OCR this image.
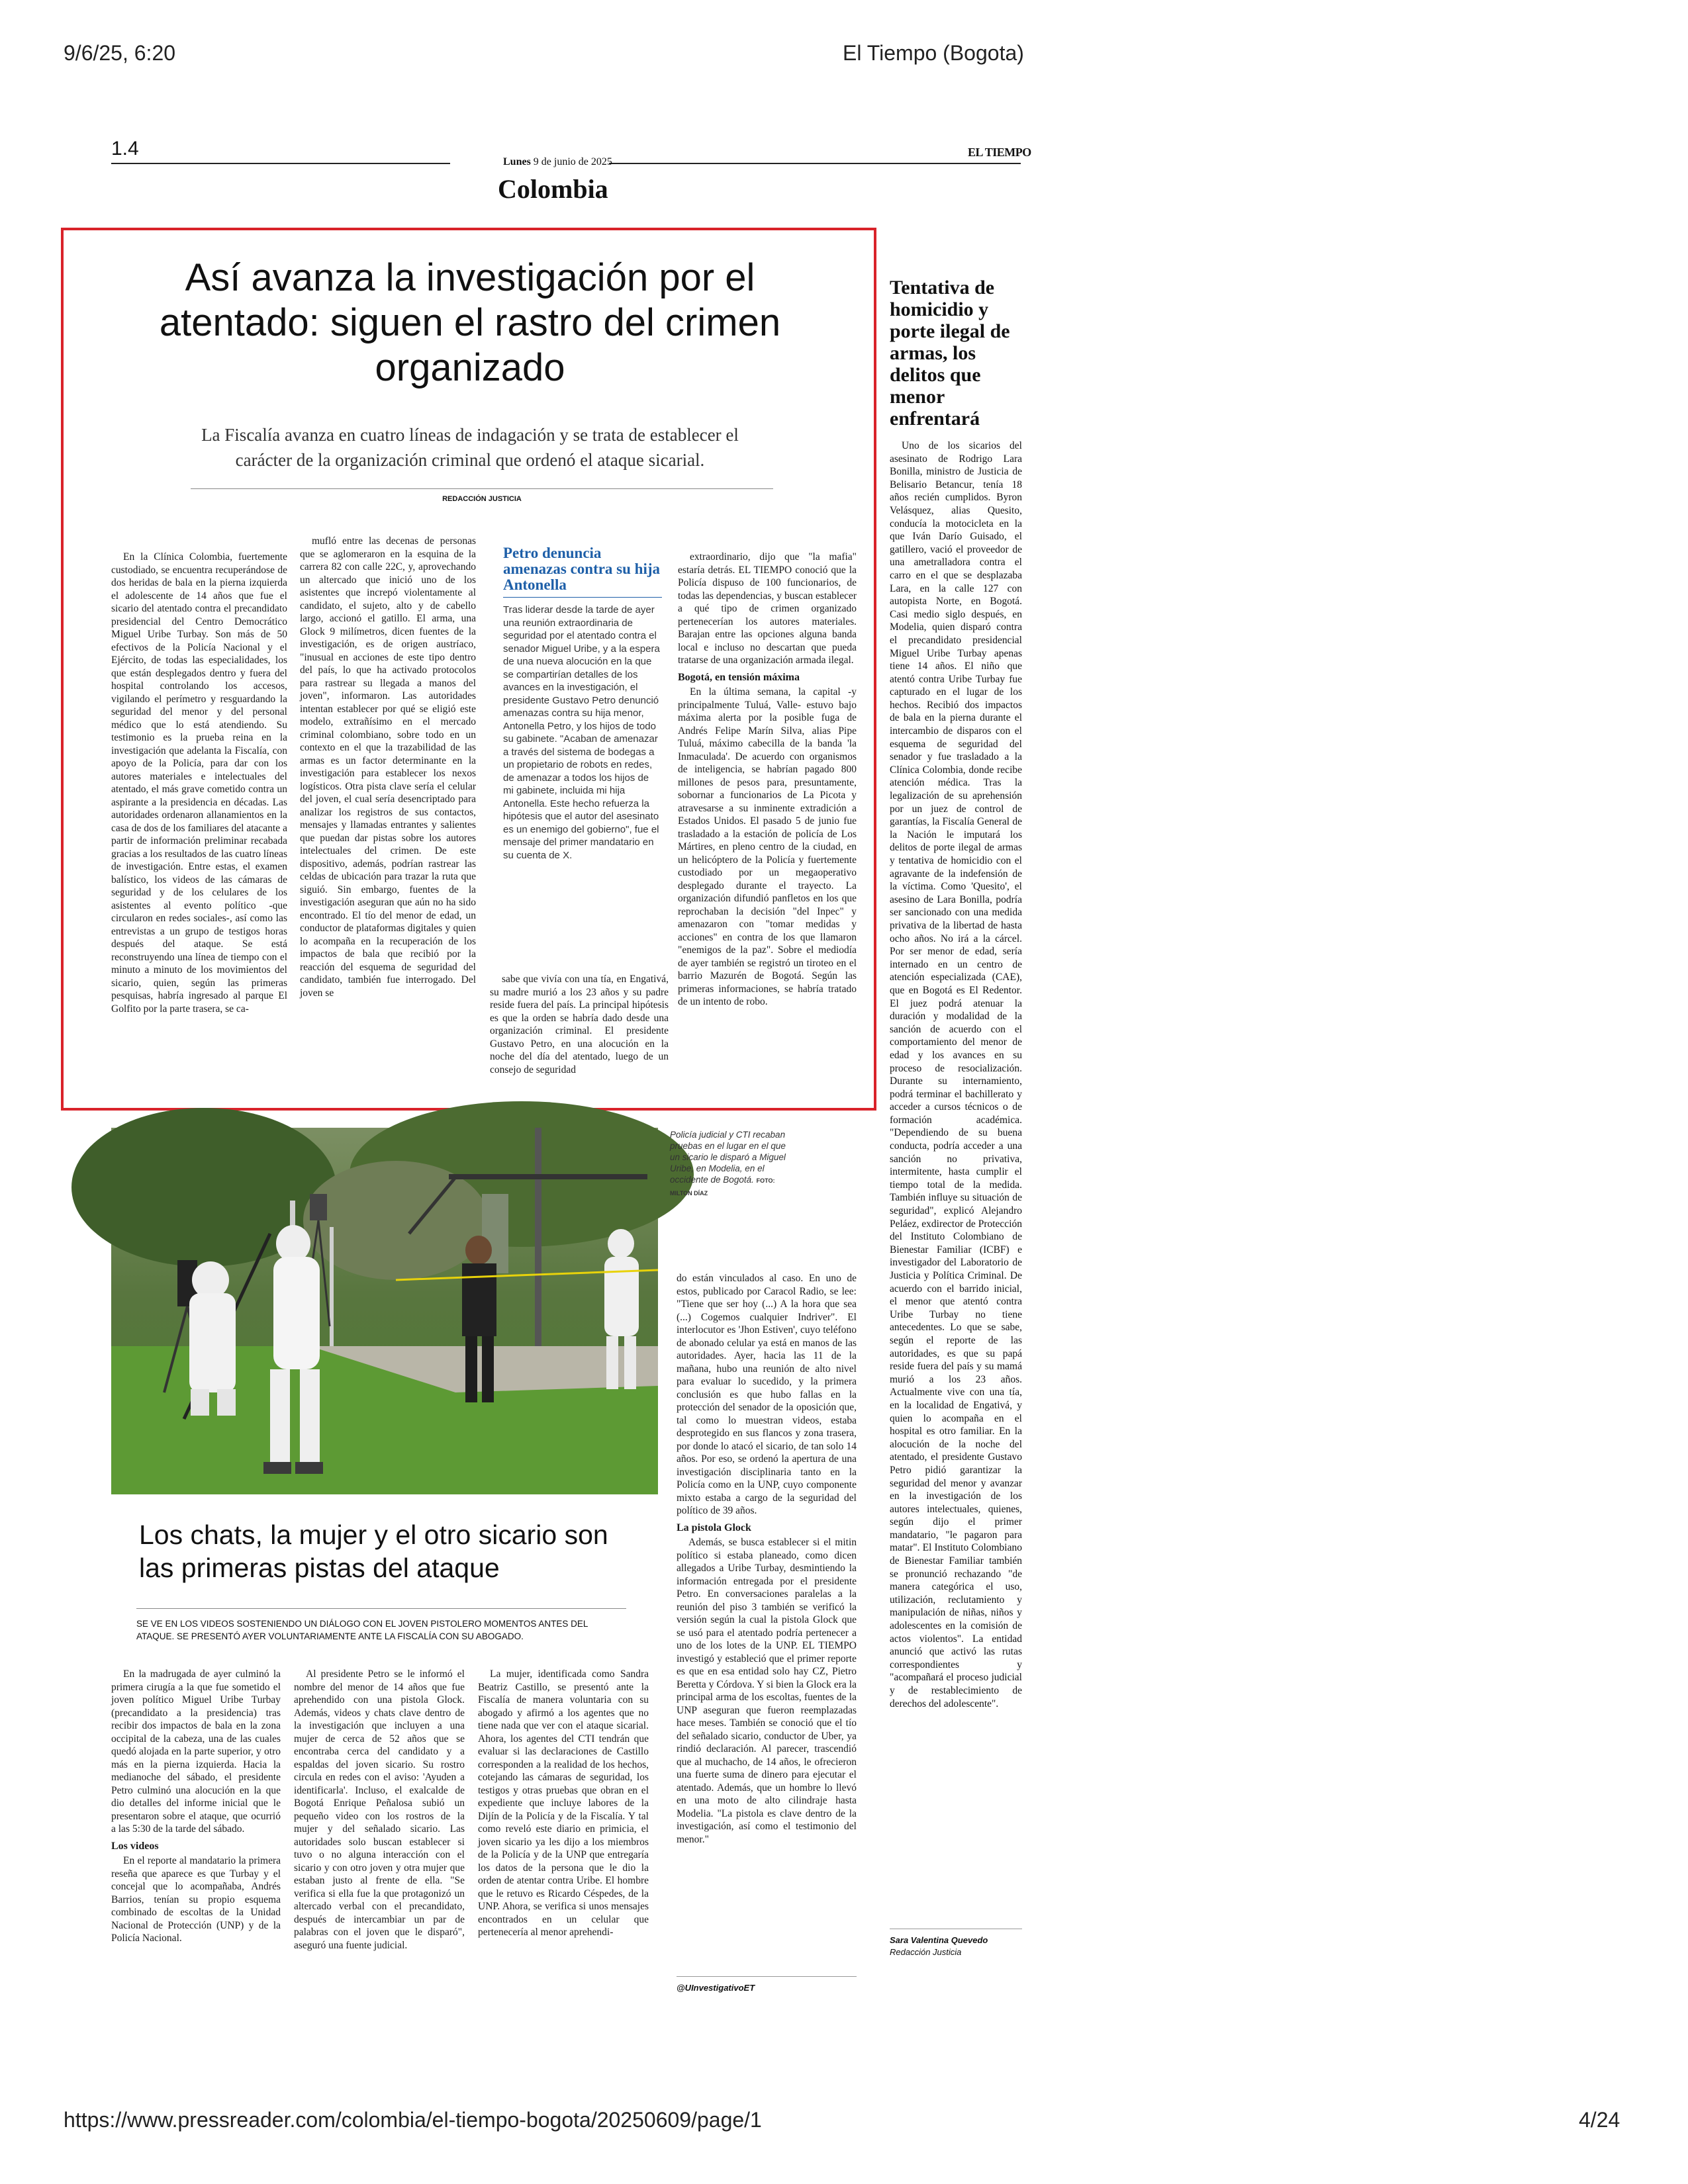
9/6/25, 6:20	El Tiempo (Bogota)
https://www.pressreader.com/colombia/el-tiempo-bogota/20250609/page/1	4/24
1.4
Lunes 9 de junio de 2025
EL TIEMPO
Colombia
Así avanza la investigación por el atentado: siguen el rastro del crimen organizado
La Fiscalía avanza en cuatro líneas de indagación y se trata de establecer el carácter de la organización criminal que ordenó el ataque sicarial.
REDACCIÓN JUSTICIA

En la Clínica Colombia, fuertemente custodiado, se encuentra recuperándose de dos heridas de bala en la pierna izquierda el adolescente de 14 años que fue el sicario del atentado contra el precandidato presidencial del Centro Democrático Miguel Uribe Turbay. Son más de 50 efectivos de la Policía Nacional y el Ejército, de todas las especialidades, los que están desplegados dentro y fuera del hospital controlando los accesos, vigilando el perímetro y resguardando la seguridad del menor y del personal médico que lo está atendiendo. Su testimonio es la prueba reina en la investigación que adelanta la Fiscalía, con apoyo de la Policía, para dar con los autores materiales e intelectuales del atentado, el más grave cometido contra un aspirante a la presidencia en décadas. Las autoridades ordenaron allanamientos en la casa de dos de los familiares del atacante a partir de información preliminar recabada gracias a los resultados de las cuatro líneas de investigación. Entre estas, el examen balístico, los videos de las cámaras de seguridad y de los celulares de los asistentes al evento político -que circularon en redes sociales-, así como las entrevistas a un grupo de testigos horas después del ataque. Se está reconstruyendo una línea de tiempo con el minuto a minuto de los movimientos del sicario, quien, según las primeras pesquisas, habría ingresado al parque El Golfito por la parte trasera, se ca-

mufló entre las decenas de personas que se aglomeraron en la esquina de la carrera 82 con calle 22C, y, aprovechando un altercado que inició uno de los asistentes que increpó violentamente al candidato, el sujeto, alto y de cabello largo, accionó el gatillo. El arma, una Glock 9 milímetros, dicen fuentes de la investigación, es de origen austríaco, "inusual en acciones de este tipo dentro del país, lo que ha activado protocolos para rastrear su llegada a manos del joven", informaron. Las autoridades intentan establecer por qué se eligió este modelo, extrañísimo en el mercado criminal colombiano, sobre todo en un contexto en el que la trazabilidad de las armas es un factor determinante en la investigación para establecer los nexos logísticos. Otra pista clave sería el celular del joven, el cual sería desencriptado para analizar los registros de sus contactos, mensajes y llamadas entrantes y salientes que puedan dar pistas sobre los autores intelectuales del crimen. De este dispositivo, además, podrían rastrear las celdas de ubicación para trazar la ruta que siguió. Sin embargo, fuentes de la investigación aseguran que aún no ha sido encontrado. El tío del menor de edad, un conductor de plataformas digitales y quien lo acompaña en la recuperación de los impactos de bala que recibió por la reacción del esquema de seguridad del candidato, también fue interrogado. Del joven se

Petro denuncia amenazas contra su hija Antonella

Tras liderar desde la tarde de ayer una reunión extraordinaria de seguridad por el atentado contra el senador Miguel Uribe, y a la espera de una nueva alocución en la que se compartirían detalles de los avances en la investigación, el presidente Gustavo Petro denunció amenazas contra su hija menor, Antonella Petro, y los hijos de todo su gabinete. "Acaban de amenazar a través del sistema de bodegas a un propietario de robots en redes, de amenazar a todos los hijos de mi gabinete, incluida mi hija Antonella. Este hecho refuerza la hipótesis que el autor del asesinato es un enemigo del gobierno", fue el mensaje del primer mandatario en su cuenta de X.

sabe que vivía con una tía, en Engativá, su madre murió a los 23 años y su padre reside fuera del país. La principal hipótesis es que la orden se habría dado desde una organización criminal. El presidente Gustavo Petro, en una alocución en la noche del día del atentado, luego de un consejo de seguridad

extraordinario, dijo que "la mafia" estaría detrás. EL TIEMPO conoció que la Policía dispuso de 100 funcionarios, de todas las dependencias, y buscan establecer a qué tipo de crimen organizado pertenecerían los autores materiales. Barajan entre las opciones alguna banda local e incluso no descartan que pueda tratarse de una organización armada ilegal.

Bogotá, en tensión máxima

En la última semana, la capital -y principalmente Tuluá, Valle- estuvo bajo máxima alerta por la posible fuga de Andrés Felipe Marín Silva, alias Pipe Tuluá, máximo cabecilla de la banda 'la Inmaculada'. De acuerdo con organismos de inteligencia, se habrían pagado 800 millones de pesos para, presuntamente, sobornar a funcionarios de La Picota y atravesarse a su inminente extradición a Estados Unidos. El pasado 5 de junio fue trasladado a la estación de policía de Los Mártires, en pleno centro de la ciudad, en un helicóptero de la Policía y fuertemente custodiado por un megaoperativo desplegado durante el trayecto. La organización difundió panfletos en los que reprochaban la decisión "del Inpec" y amenazaron con "tomar medidas y acciones" en contra de los que llamaron "enemigos de la paz". Sobre el mediodía de ayer también se registró un tiroteo en el barrio Mazurén de Bogotá. Según las primeras informaciones, se habría tratado de un intento de robo.

Tentativa de homicidio y porte ilegal de armas, los delitos que menor enfrentará

Uno de los sicarios del asesinato de Rodrigo Lara Bonilla, ministro de Justicia de Belisario Betancur, tenía 18 años recién cumplidos. Byron Velásquez, alias Quesito, conducía la motocicleta en la que Iván Darío Guisado, el gatillero, vació el proveedor de una ametralladora contra el carro en el que se desplazaba Lara, en la calle 127 con autopista Norte, en Bogotá. Casi medio siglo después, en Modelia, quien disparó contra el precandidato presidencial Miguel Uribe Turbay apenas tiene 14 años. El niño que atentó contra Uribe Turbay fue capturado en el lugar de los hechos. Recibió dos impactos de bala en la pierna durante el intercambio de disparos con el esquema de seguridad del senador y fue trasladado a la Clínica Colombia, donde recibe atención médica. Tras la legalización de su aprehensión por un juez de control de garantías, la Fiscalía General de la Nación le imputará los delitos de porte ilegal de armas y tentativa de homicidio con el agravante de la indefensión de la víctima. Como 'Quesito', el asesino de Lara Bonilla, podría ser sancionado con una medida privativa de la libertad de hasta ocho años. No irá a la cárcel. Por ser menor de edad, sería internado en un centro de atención especializada (CAE), que en Bogotá es El Redentor. El juez podrá atenuar la duración y modalidad de la sanción de acuerdo con el comportamiento del menor de edad y los avances en su proceso de resocialización. Durante su internamiento, podrá terminar el bachillerato y acceder a cursos técnicos o de formación académica. "Dependiendo de su buena conducta, podría acceder a una sanción no privativa, intermitente, hasta cumplir el tiempo total de la medida. También influye su situación de seguridad", explicó Alejandro Peláez, exdirector de Protección del Instituto Colombiano de Bienestar Familiar (ICBF) e investigador del Laboratorio de Justicia y Política Criminal. De acuerdo con el barrido inicial, el menor que atentó contra Uribe Turbay no tiene antecedentes. Lo que se sabe, según el reporte de las autoridades, es que su papá reside fuera del país y su mamá murió a los 23 años. Actualmente vive con una tía, en la localidad de Engativá, y quien lo acompaña en el hospital es otro familiar. En la alocución de la noche del atentado, el presidente Gustavo Petro pidió garantizar la seguridad del menor y avanzar en la investigación de los autores intelectuales, quienes, según dijo el primer mandatario, "le pagaron para matar". El Instituto Colombiano de Bienestar Familiar también se pronunció rechazando "de manera categórica el uso, utilización, reclutamiento y manipulación de niñas, niños y adolescentes en la comisión de actos violentos". La entidad anunció que activó las rutas correspondientes y "acompañará el proceso judicial y de restablecimiento de derechos del adolescente".

Sara Valentina Quevedo
Redacción Justicia
Policía judicial y CTI recaban pruebas en el lugar en el que un sicario le disparó a Miguel Uribe, en Modelia, en el occidente de Bogotá. FOTO: MILTON DÍAZ
Los chats, la mujer y el otro sicario son las primeras pistas del ataque
SE VE EN LOS VIDEOS SOSTENIENDO UN DIÁLOGO CON EL JOVEN PISTOLERO MOMENTOS ANTES DEL ATAQUE. SE PRESENTÓ AYER VOLUNTARIAMENTE ANTE LA FISCALÍA CON SU ABOGADO.

En la madrugada de ayer culminó la primera cirugía a la que fue sometido el joven político Miguel Uribe Turbay (precandidato a la presidencia) tras recibir dos impactos de bala en la zona occipital de la cabeza, una de las cuales quedó alojada en la parte superior, y otro más en la pierna izquierda. Hacia la medianoche del sábado, el presidente Petro culminó una alocución en la que dio detalles del informe inicial que le presentaron sobre el ataque, que ocurrió a las 5:30 de la tarde del sábado.

Los videos

En el reporte al mandatario la primera reseña que aparece es que Turbay y el concejal que lo acompañaba, Andrés Barrios, tenían su propio esquema combinado de escoltas de la Unidad Nacional de Protección (UNP) y de la Policía Nacional.

Al presidente Petro se le informó el nombre del menor de 14 años que fue aprehendido con una pistola Glock. Además, videos y chats clave dentro de la investigación que incluyen a una mujer de cerca de 52 años que se encontraba cerca del candidato y a espaldas del joven sicario. Su rostro circula en redes con el aviso: 'Ayuden a identificarla'. Incluso, el exalcalde de Bogotá Enrique Peñalosa subió un pequeño video con los rostros de la mujer y del señalado sicario. Las autoridades solo buscan establecer si tuvo o no alguna interacción con el sicario y con otro joven y otra mujer que estaban justo al frente de ella. "Se verifica si ella fue la que protagonizó un altercado verbal con el precandidato, después de intercambiar un par de palabras con el joven que le disparó", aseguró una fuente judicial.

La mujer, identificada como Sandra Beatriz Castillo, se presentó ante la Fiscalía de manera voluntaria con su abogado y afirmó a los agentes que no tiene nada que ver con el ataque sicarial. Ahora, los agentes del CTI tendrán que evaluar si las declaraciones de Castillo corresponden a la realidad de los hechos, cotejando las cámaras de seguridad, los testigos y otras pruebas que obran en el expediente que incluye labores de la Dijín de la Policía y de la Fiscalía. Y tal como reveló este diario en primicia, el joven sicario ya les dijo a los miembros de la Policía y de la UNP que entregaría los datos de la persona que le dio la orden de atentar contra Uribe. El hombre que le retuvo es Ricardo Céspedes, de la UNP. Ahora, se verifica si unos mensajes encontrados en un celular que pertenecería al menor aprehendi-

do están vinculados al caso. En uno de estos, publicado por Caracol Radio, se lee: "Tiene que ser hoy (...) A la hora que sea (...) Cogemos cualquier Indriver". El interlocutor es 'Jhon Estiven', cuyo teléfono de abonado celular ya está en manos de las autoridades. Ayer, hacia las 11 de la mañana, hubo una reunión de alto nivel para evaluar lo sucedido, y la primera conclusión es que hubo fallas en la protección del senador de la oposición que, tal como lo muestran videos, estaba desprotegido en sus flancos y zona trasera, por donde lo atacó el sicario, de tan solo 14 años. Por eso, se ordenó la apertura de una investigación disciplinaria tanto en la Policía como en la UNP, cuyo componente mixto estaba a cargo de la seguridad del político de 39 años.

La pistola Glock

Además, se busca establecer si el mitin político si estaba planeado, como dicen allegados a Uribe Turbay, desmintiendo la información entregada por el presidente Petro. En conversaciones paralelas a la reunión del piso 3 también se verificó la versión según la cual la pistola Glock que se usó para el atentado podría pertenecer a uno de los lotes de la UNP. EL TIEMPO investigó y estableció que el primer reporte es que en esa entidad solo hay CZ, Pietro Beretta y Córdova. Y si bien la Glock era la principal arma de los escoltas, fuentes de la UNP aseguran que fueron reemplazadas hace meses. También se conoció que el tío del señalado sicario, conductor de Uber, ya rindió declaración. Al parecer, trascendió que al muchacho, de 14 años, le ofrecieron una fuerte suma de dinero para ejecutar el atentado. Además, que un hombre lo llevó en una moto de alto cilindraje hasta Modelia. "La pistola es clave dentro de la investigación, así como el testimonio del menor."

@UInvestigativoET
